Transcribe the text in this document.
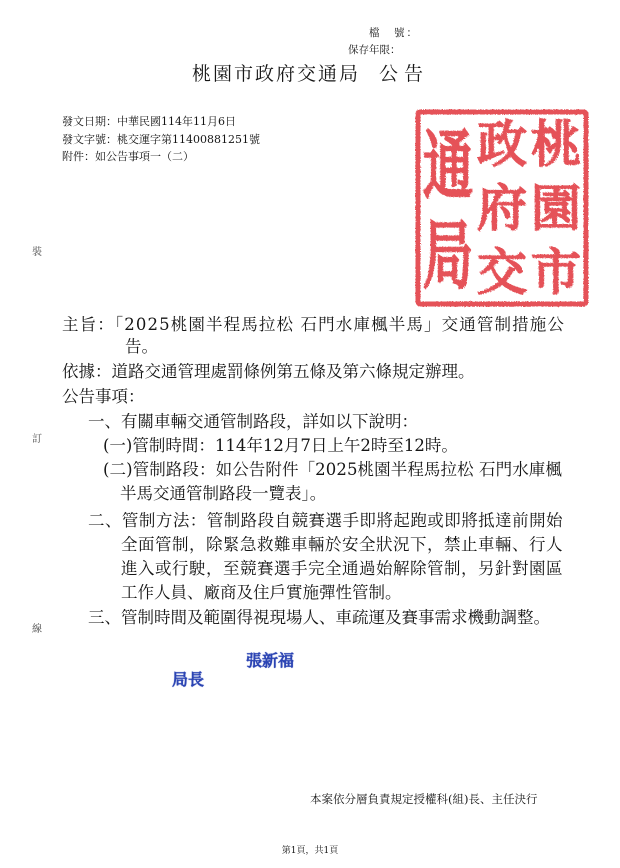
檔　號：
保存年限：
桃園市政府交通局 公告
發文日期：中華民國114年11月6日
發文字號：桃交運字第11400881251號
附件：如公告事項一（二）	桃
園
市
政
府
交
通
局
裝
訂
線
主旨：「2025桃園半程馬拉松 石門水庫楓半馬」交通管制措施公
告。
依據：道路交通管理處罰條例第五條及第六條規定辦理。
公告事項：
一、有關車輛交通管制路段，詳如以下說明：
(一)管制時間：114年12月7日上午2時至12時。
(二)管制路段：如公告附件「2025桃園半程馬拉松 石門水庫楓
半馬交通管制路段一覽表」。
二、管制方法：管制路段自競賽選手即將起跑或即將抵達前開始
全面管制，除緊急救難車輛於安全狀況下，禁止車輛、行人
進入或行駛，至競賽選手完全通過始解除管制，另針對園區
工作人員、廠商及住戶實施彈性管制。
三、管制時間及範圍得視現場人、車疏運及賽事需求機動調整。
局長
張新福
本案依分層負責規定授權科(組)長、主任決行
第1頁，共1頁
